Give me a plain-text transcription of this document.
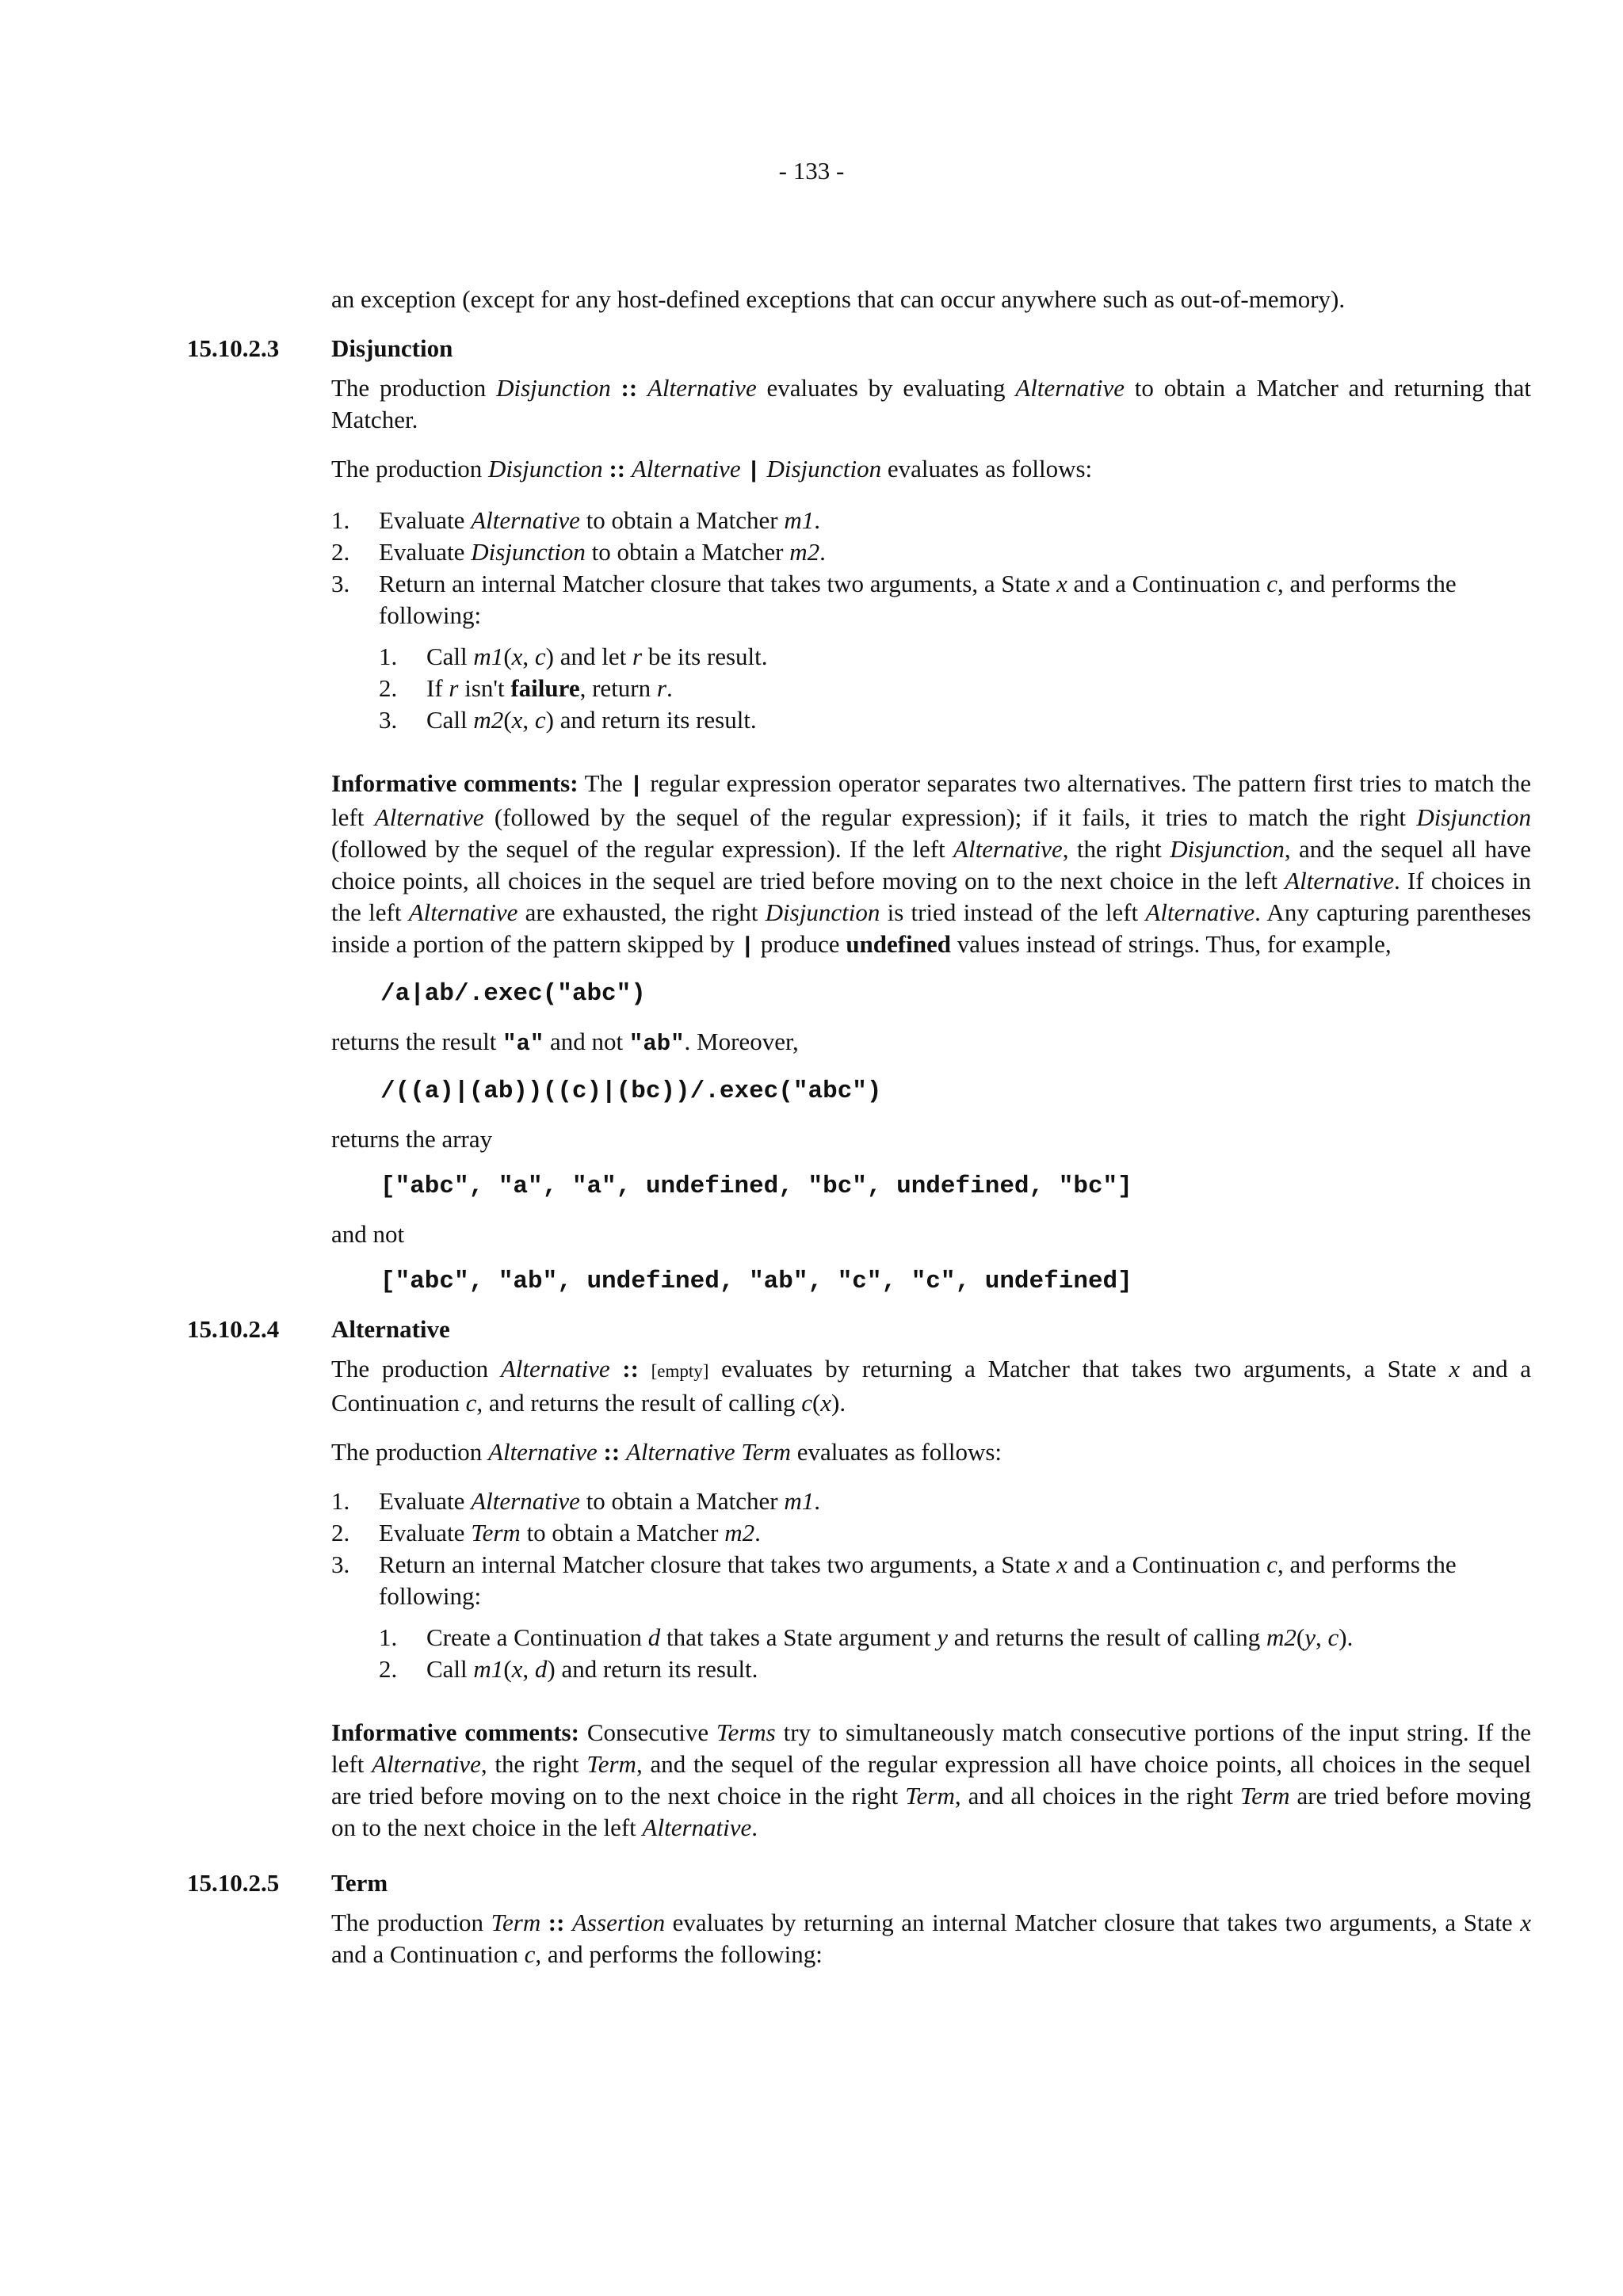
- 133 -

an exception (except for any host-defined exceptions that can occur anywhere such as out-of-memory).

15.10.2.3 Disjunction

The production Disjunction :: Alternative evaluates by evaluating Alternative to obtain a Matcher and returning that Matcher.

The production Disjunction :: Alternative | Disjunction evaluates as follows:

1. Evaluate Alternative to obtain a Matcher m1.
2. Evaluate Disjunction to obtain a Matcher m2.
3. Return an internal Matcher closure that takes two arguments, a State x and a Continuation c, and performs the following:
1. Call m1(x, c) and let r be its result.
2. If r isn't failure, return r.
3. Call m2(x, c) and return its result.

Informative comments: The | regular expression operator separates two alternatives. The pattern first tries to match the left Alternative (followed by the sequel of the regular expression); if it fails, it tries to match the right Disjunction (followed by the sequel of the regular expression). If the left Alternative, the right Disjunction, and the sequel all have choice points, all choices in the sequel are tried before moving on to the next choice in the left Alternative. If choices in the left Alternative are exhausted, the right Disjunction is tried instead of the left Alternative. Any capturing parentheses inside a portion of the pattern skipped by | produce undefined values instead of strings. Thus, for example,

/a|ab/.exec("abc")

returns the result "a" and not "ab". Moreover,

/((a)|(ab))((c)|(bc))/.exec("abc")

returns the array

["abc", "a", "a", undefined, "bc", undefined, "bc"]

and not

["abc", "ab", undefined, "ab", "c", "c", undefined]
15.10.2.4 Alternative

The production Alternative :: [empty] evaluates by returning a Matcher that takes two arguments, a State x and a Continuation c, and returns the result of calling c(x).

The production Alternative :: Alternative Term evaluates as follows:

1. Evaluate Alternative to obtain a Matcher m1.
2. Evaluate Term to obtain a Matcher m2.
3. Return an internal Matcher closure that takes two arguments, a State x and a Continuation c, and performs the following:
1. Create a Continuation d that takes a State argument y and returns the result of calling m2(y, c).
2. Call m1(x, d) and return its result.

Informative comments: Consecutive Terms try to simultaneously match consecutive portions of the input string. If the left Alternative, the right Term, and the sequel of the regular expression all have choice points, all choices in the sequel are tried before moving on to the next choice in the right Term, and all choices in the right Term are tried before moving on to the next choice in the left Alternative.

15.10.2.5 Term

The production Term :: Assertion evaluates by returning an internal Matcher closure that takes two arguments, a State x and a Continuation c, and performs the following:
